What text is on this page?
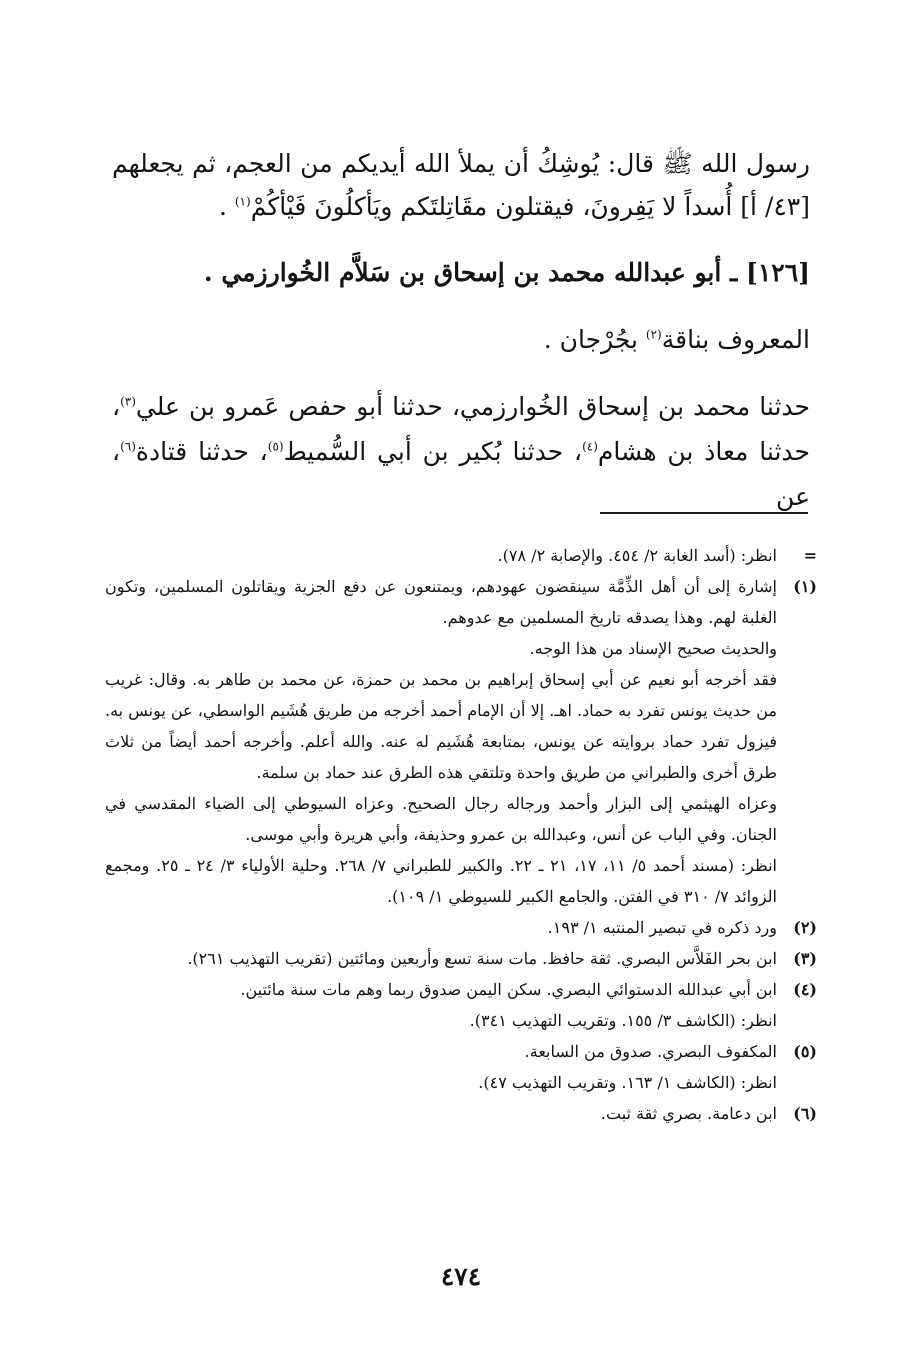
رسول الله ﷺ قال: يُوشِكُ أن يملأ الله أيديكم من العجم، ثم يجعلهم [٤٣/ أ] أُسداً لا يَفِرونَ، فيقتلون مقَاتِلتَكم ويَأكلُونَ فَيْأكُمْ$^{(١)}$ .

[١٢٦] ـ أبو عبدالله محمد بن إسحاق بن سَلاَّم الخُوارزمي .

المعروف بناقة$^{(٢)}$ بجُرْجان .

حدثنا محمد بن إسحاق الخُوارزمي، حدثنا أبو حفص عَمرو بن علي$^{(٣)}$، حدثنا معاذ بن هشام$^{(٤)}$، حدثنا بُكير بن أبي السُّميط$^{(٥)}$، حدثنا قتادة$^{(٦)}$، عن

=
انظر: (أسد الغابة ٢/ ٤٥٤. والإصابة ٢/ ٧٨).
(١)

إشارة إلى أن أهل الذِّمَّة سينقضون عهودهم، ويمتنعون عن دفع الجزية ويقاتلون المسلمين، وتكون الغلبة لهم. وهذا يصدقه تاريخ المسلمين مع عدوهم.

والحديث صحيح الإسناد من هذا الوجه.

فقد أخرجه أبو نعيم عن أبي إسحاق إبراهيم بن محمد بن حمزة، عن محمد بن طاهر به. وقال: غريب من حديث يونس تفرد به حماد. اهـ. إلا أن الإمام أحمد أخرجه من طريق هُشَيم الواسطي، عن يونس به. فيزول تفرد حماد بروايته عن يونس، بمتابعة هُشَيم له عنه. والله أعلم. وأخرجه أحمد أيضاً من ثلاث طرق أخرى والطبراني من طريق واحدة وتلتقي هذه الطرق عند حماد بن سلمة.

وعزاه الهيثمي إلى البزار وأحمد ورجاله رجال الصحيح. وعزاه السيوطي إلى الضياء المقدسي في الجنان. وفي الباب عن أنس، وعبدالله بن عمرو وحذيفة، وأبي هريرة وأبي موسى.

انظر: (مسند أحمد ٥/ ١١، ١٧، ٢١ ـ ٢٢. والكبير للطبراني ٧/ ٢٦٨. وحلية الأولياء ٣/ ٢٤ ـ ٢٥. ومجمع الزوائد ٧/ ٣١٠ في الفتن. والجامع الكبير للسيوطي ١/ ١٠٩).

(٢)

ورد ذكره في تبصير المنتبه ١/ ١٩٣.

(٣)

ابن بحر الفَلاَّس البصري. ثقة حافظ. مات سنة تسع وأربعين ومائتين (تقريب التهذيب ٢٦١).

(٤)

ابن أبي عبدالله الدستوائي البصري. سكن اليمن صدوق ربما وهم مات سنة مائتين.

انظر: (الكاشف ٣/ ١٥٥. وتقريب التهذيب ٣٤١).

(٥)

المكفوف البصري. صدوق من السابعة.

انظر: (الكاشف ١/ ١٦٣. وتقريب التهذيب ٤٧).

(٦)

ابن دعامة. بصري ثقة ثبت.

٤٧٤
